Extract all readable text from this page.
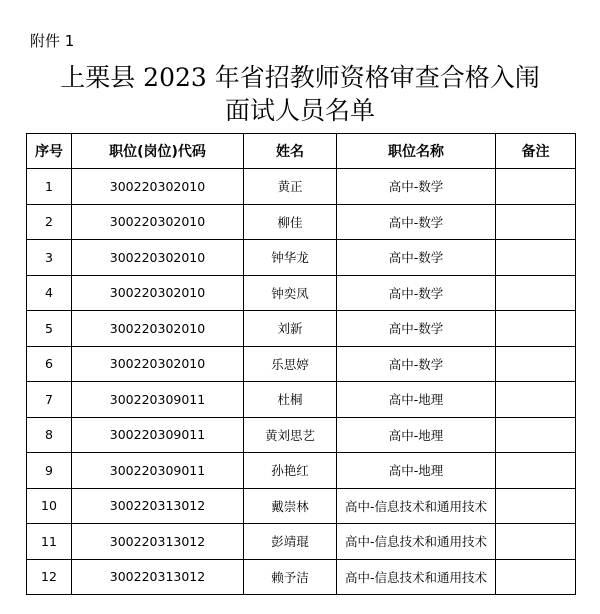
附件 1
上栗县 2023 年省招教师资格审查合格入闱
面试人员名单
序号	职位(岗位)代码	姓名	职位名称	备注
1	300220302010	黄正	高中-数学	
2	300220302010	柳佳	高中-数学	
3	300220302010	钟华龙	高中-数学	
4	300220302010	钟奕凤	高中-数学	
5	300220302010	刘新	高中-数学	
6	300220302010	乐思婷	高中-数学	
7	300220309011	杜桐	高中-地理	
8	300220309011	黄刘思艺	高中-地理	
9	300220309011	孙艳红	高中-地理	
10	300220313012	戴崇林	高中-信息技术和通用技术	
11	300220313012	彭靖琨	高中-信息技术和通用技术	
12	300220313012	赖予洁	高中-信息技术和通用技术	
